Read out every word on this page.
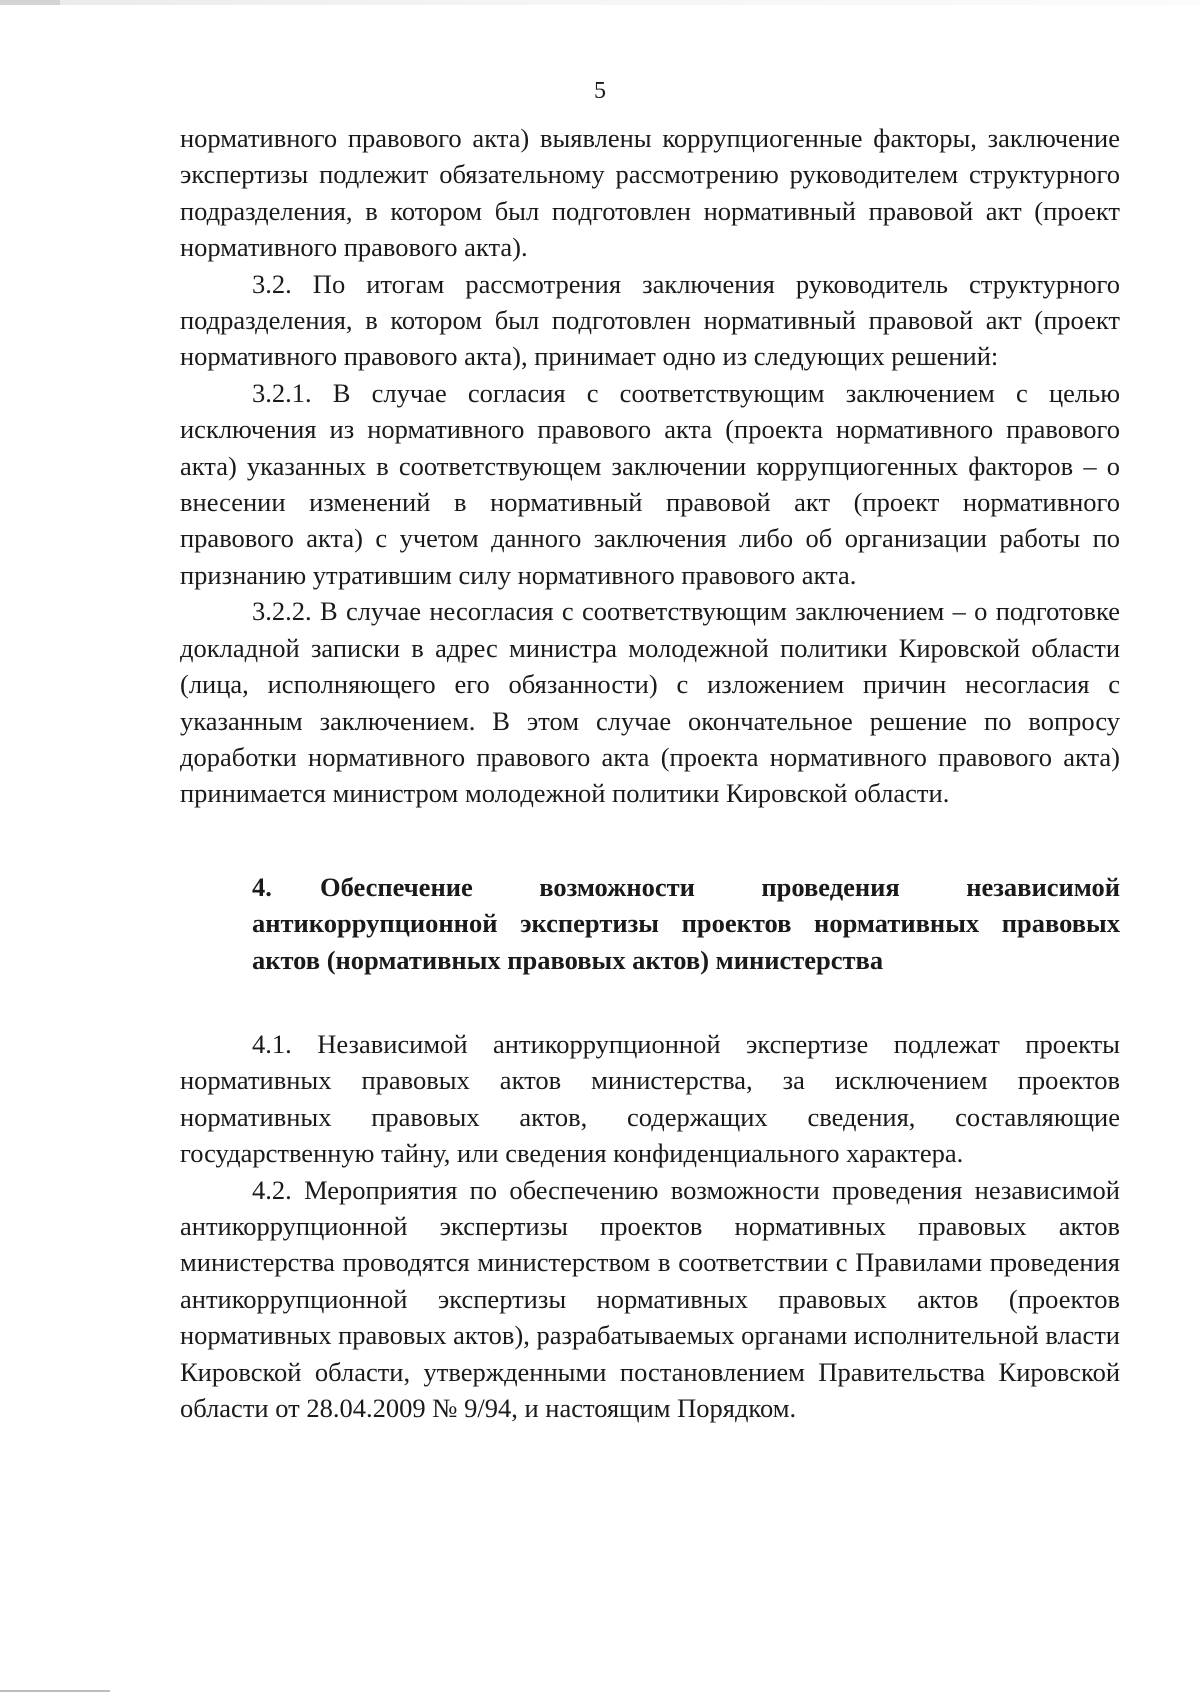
5

нормативного правового акта) выявлены коррупциогенные факторы, заключение экспертизы подлежит обязательному рассмотрению руководителем структурного подразделения, в котором был подготовлен нормативный правовой акт (проект нормативного правового акта).

3.2. По итогам рассмотрения заключения руководитель структурного подразделения, в котором был подготовлен нормативный правовой акт (проект нормативного правового акта), принимает одно из следующих решений:

3.2.1. В случае согласия с соответствующим заключением с целью исключения из нормативного правового акта (проекта нормативного правового акта) указанных в соответствующем заключении коррупциогенных факторов – о внесении изменений в нормативный правовой акт (проект нормативного правового акта) с учетом данного заключения либо об организации работы по признанию утратившим силу нормативного правового акта.

3.2.2. В случае несогласия с соответствующим заключением – о подготовке докладной записки в адрес министра молодежной политики Кировской области (лица, исполняющего его обязанности) с изложением причин несогласия с указанным заключением. В этом случае окончательное решение по вопросу доработки нормативного правового акта (проекта нормативного правового акта) принимается министром молодежной политики Кировской области.

4. Обеспечение возможности проведения независимой антикоррупционной экспертизы проектов нормативных правовых актов (нормативных правовых актов) министерства

4.1. Независимой антикоррупционной экспертизе подлежат проекты нормативных правовых актов министерства, за исключением проектов нормативных правовых актов, содержащих сведения, составляющие государственную тайну, или сведения конфиденциального характера.

4.2. Мероприятия по обеспечению возможности проведения независимой антикоррупционной экспертизы проектов нормативных правовых актов министерства проводятся министерством в соответствии с Правилами проведения антикоррупционной экспертизы нормативных правовых актов (проектов нормативных правовых актов), разрабатываемых органами исполнительной власти Кировской области, утвержденными постановлением Правительства Кировской области от 28.04.2009 № 9/94, и настоящим Порядком.
